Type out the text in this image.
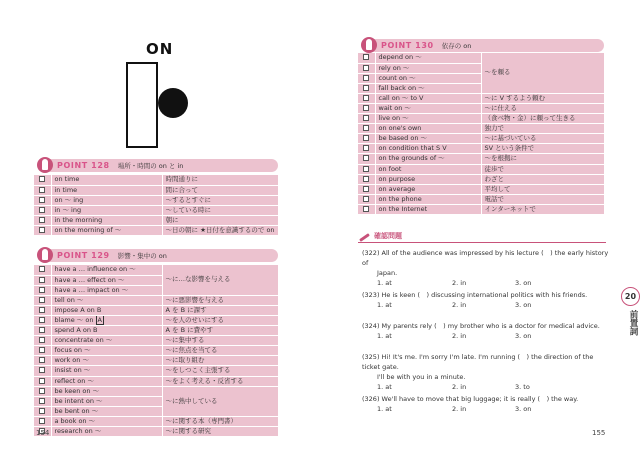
ON
POINT 128 場所・時間の on と in
	on time	時間通りに
	in time	間に合って
	on 〜 ing	〜するとすぐに
	in 〜 ing	〜している時に
	in the morning	朝に
	on the morning of 〜	〜日の朝に ★日付を意識するので on
POINT 129 影響・集中の on
	have a … influence on 〜	〜に…な影響を与える
	have a … effect on 〜	
	have a … impact on 〜	
	tell on 〜	〜に悪影響を与える
	impose A on B	A を B に課す
	blame 〜 on A	〜を人のせいにする
	spend A on B	A を B に費やす
	concentrate on 〜	〜に集中する
	focus on 〜	〜に焦点を当てる
	work on 〜	〜に取り組む
	insist on 〜	〜をしつこく主張する
	reflect on 〜	〜をよく考える・反省する
	be keen on 〜	〜に熱中している
	be intent on 〜	
	be bent on 〜	
	a book on 〜	〜に関する本（専門書）
	research on 〜	〜に関する研究
154
POINT 130 依存の on
	depend on 〜	〜を頼る
	rely on 〜	
	count on 〜	
	fall back on 〜	
	call on 〜 to V	〜に V するよう頼む
	wait on 〜	〜に仕える
	live on 〜	（食べ物・金）に頼って生きる
	on one's own	独力で
	be based on 〜	〜に基づいている
	on condition that S V	SV という条件で
	on the grounds of 〜	〜を根拠に
	on foot	徒歩で
	on purpose	わざと
	on average	平均して
	on the phone	電話で
	on the Internet	インターネットで
確認問題
(322) All of the audience was impressed by his lecture (　) the early history of
Japan.
1. at	2. in	3. on
(323) He is keen (　) discussing international politics with his friends.
1. at	2. in	3. on
(324) My parents rely (　) my brother who is a doctor for medical advice.
1. at	2. in	3. on
(325) Hi! It's me. I'm sorry I'm late. I'm running (　) the direction of the ticket gate.
I'll be with you in a minute.
1. at	2. in	3. to
(326) We'll have to move that big luggage; it is really (　) the way.
1. at	2. in	3. on
20
前置詞
155
